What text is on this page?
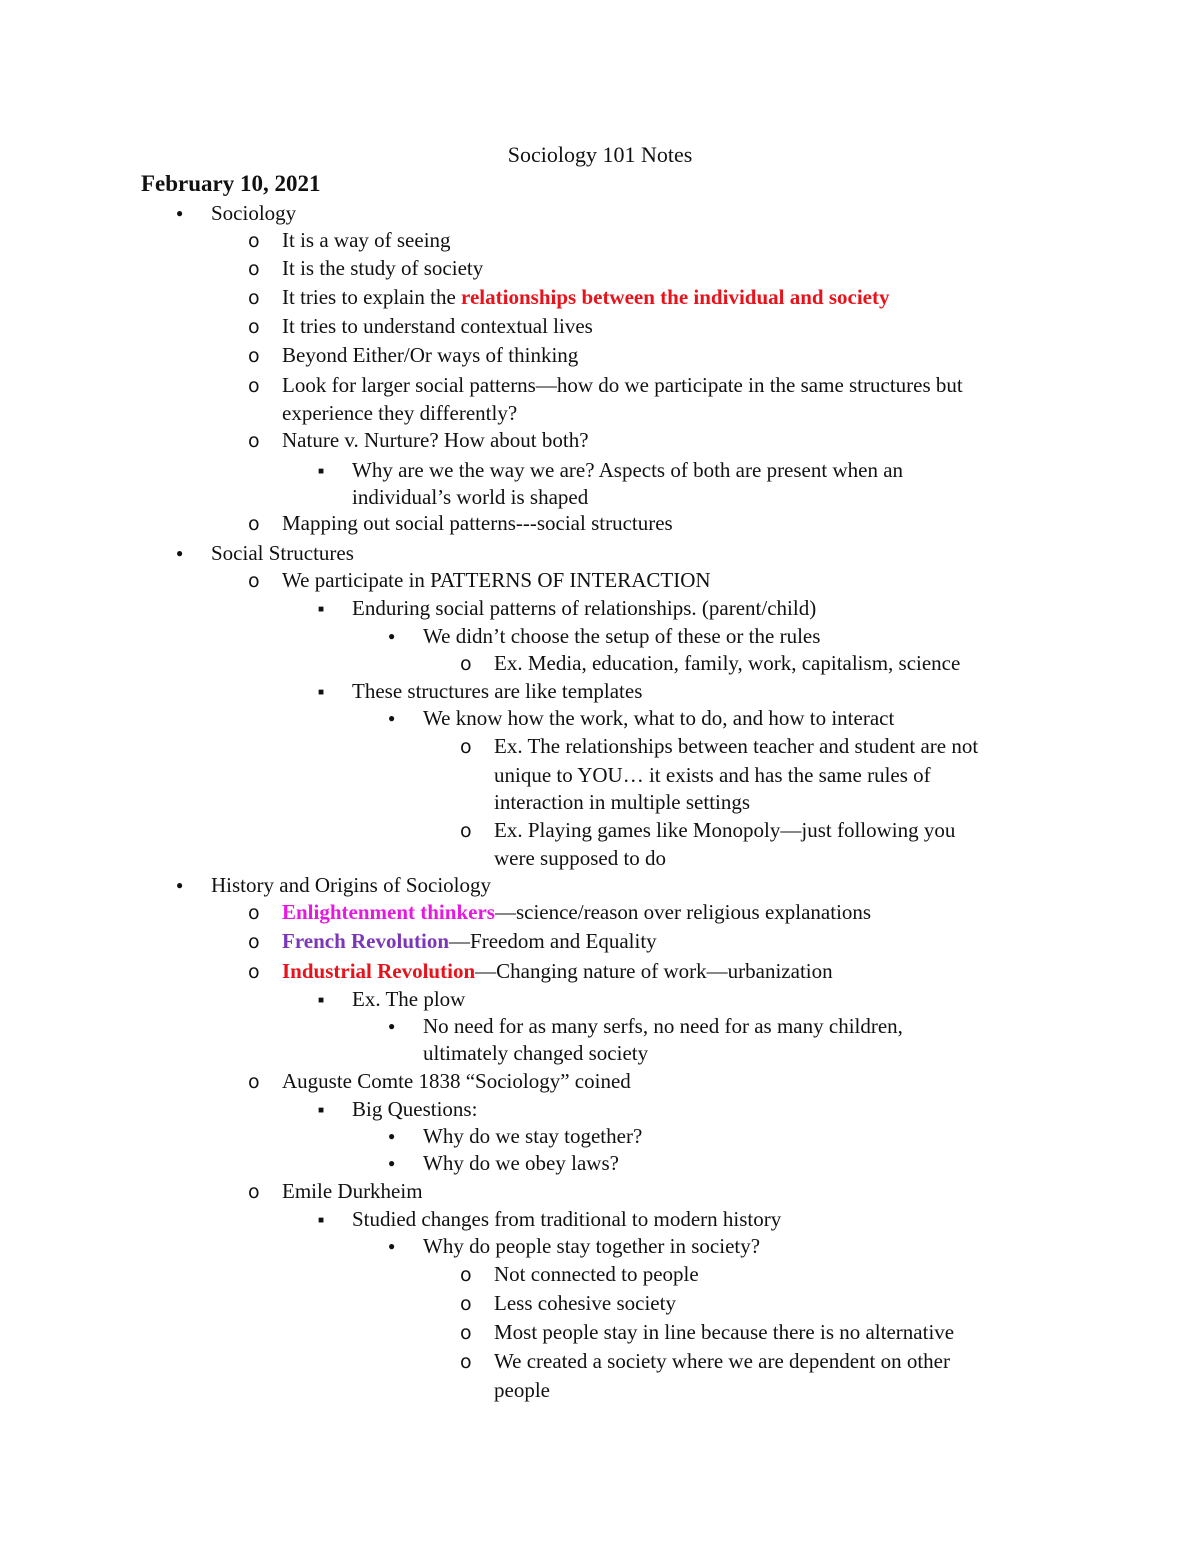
Sociology 101 Notes
February 10, 2021
●
Sociology
o
It is a way of seeing
o
It is the study of society
o
It tries to explain the relationships between the individual and society
o
It tries to understand contextual lives
o
Beyond Either/Or ways of thinking
o
Look for larger social patterns—how do we participate in the same structures but
experience they differently?
o
Nature v. Nurture? How about both?
■
Why are we the way we are? Aspects of both are present when an
individual’s world is shaped
o
Mapping out social patterns---social structures
●
Social Structures
o
We participate in PATTERNS OF INTERACTION
■
Enduring social patterns of relationships. (parent/child)
●
We didn’t choose the setup of these or the rules
o
Ex. Media, education, family, work, capitalism, science
■
These structures are like templates
●
We know how the work, what to do, and how to interact
o
Ex. The relationships between teacher and student are not
unique to YOU… it exists and has the same rules of
interaction in multiple settings
o
Ex. Playing games like Monopoly—just following you
were supposed to do
●
History and Origins of Sociology
o
Enlightenment thinkers—science/reason over religious explanations
o
French Revolution—Freedom and Equality
o
Industrial Revolution—Changing nature of work—urbanization
■
Ex. The plow
●
No need for as many serfs, no need for as many children,
ultimately changed society
o
Auguste Comte 1838 “Sociology” coined
■
Big Questions:
●
Why do we stay together?
●
Why do we obey laws?
o
Emile Durkheim
■
Studied changes from traditional to modern history
●
Why do people stay together in society?
o
Not connected to people
o
Less cohesive society
o
Most people stay in line because there is no alternative
o
We created a society where we are dependent on other
people
